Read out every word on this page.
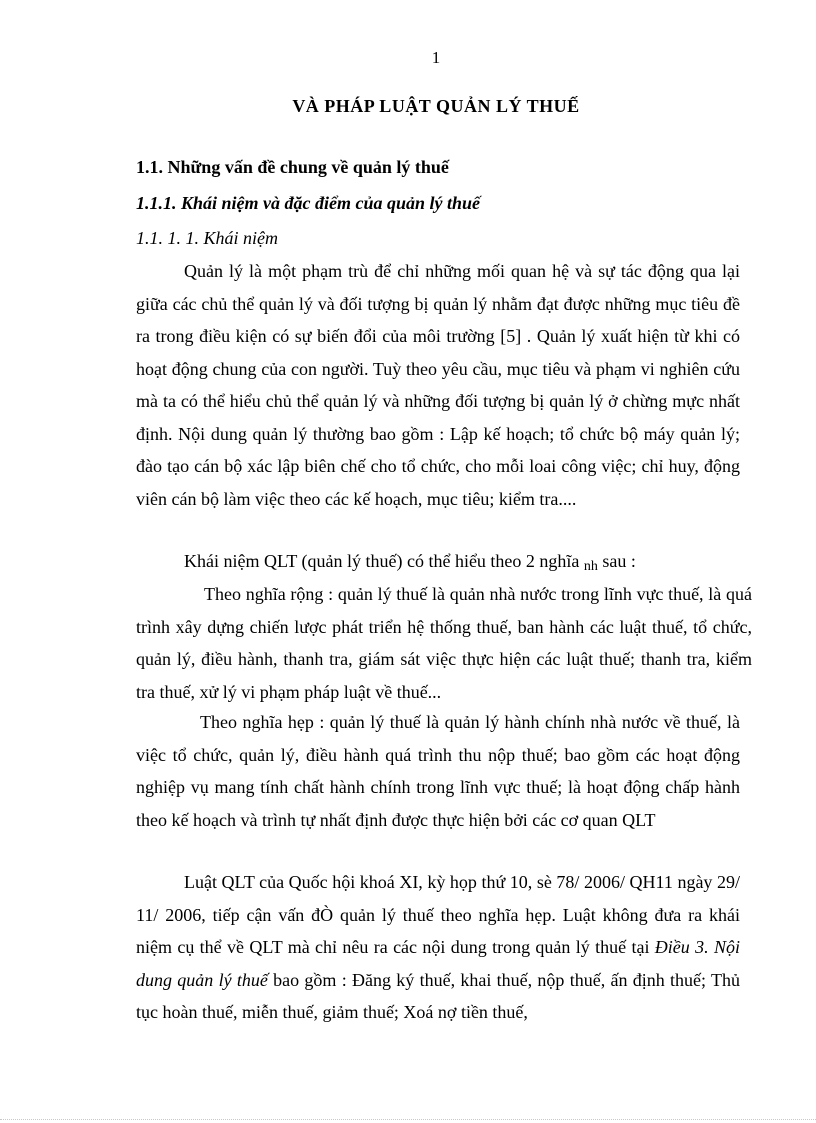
1
VÀ PHÁP LUẬT QUẢN LÝ THUẾ
1.1. Những vấn đề chung về quản lý thuế
1.1.1. Khái niệm và đặc điểm của quản lý thuế
1.1. 1. 1. Khái niệm

Quản lý là một phạm trù để chỉ những mối quan hệ và sự tác động qua lại giữa các chủ thể quản lý và đối tượng bị quản lý nhằm đạt được những mục tiêu đề ra trong điều kiện có sự biến đổi của môi trường [5] . Quản lý xuất hiện từ khi có hoạt động chung của con người. Tuỳ theo yêu cầu, mục tiêu và phạm vi nghiên cứu mà ta có thể hiểu chủ thể quản lý và những đối tượng bị quản lý ở chừng mực nhất định. Nội dung quản lý thường bao gồm : Lập kế hoạch; tổ chức bộ máy quản lý; đào tạo cán bộ xác lập biên chế cho tổ chức, cho mỗi loai công việc; chỉ huy, động viên cán bộ làm việc theo các kế hoạch, mục tiêu; kiểm tra....

Khái niệm QLT (quản lý thuế) có thể hiểu theo 2 nghĩa nh sau :

Theo nghĩa rộng : quản lý thuế là quản nhà nước trong lĩnh vực thuế, là quá trình xây dựng chiến lược phát triển hệ thống thuế, ban hành các luật thuế, tổ chức, quản lý, điều hành, thanh tra, giám sát việc thực hiện các luật thuế; thanh tra, kiểm tra thuế, xử lý vi phạm pháp luật về thuế...

Theo nghĩa hẹp : quản lý thuế là quản lý hành chính nhà nước về thuế, là việc tổ chức, quản lý, điều hành quá trình thu nộp thuế; bao gồm các hoạt động nghiệp vụ mang tính chất hành chính trong lĩnh vực thuế; là hoạt động chấp hành theo kế hoạch và trình tự nhất định được thực hiện bởi các cơ quan QLT

Luật QLT của Quốc hội khoá XI, kỳ họp thứ 10, sè 78/ 2006/ QH11 ngày 29/ 11/ 2006, tiếp cận vấn đÒ quản lý thuế theo nghĩa hẹp. Luật không đưa ra khái niệm cụ thể về QLT mà chỉ nêu ra các nội dung trong quản lý thuế tại Điều 3. Nội dung quản lý thuế bao gồm : Đăng ký thuế, khai thuế, nộp thuế, ấn định thuế; Thủ tục hoàn thuế, miễn thuế, giảm thuế; Xoá nợ tiền thuế,
